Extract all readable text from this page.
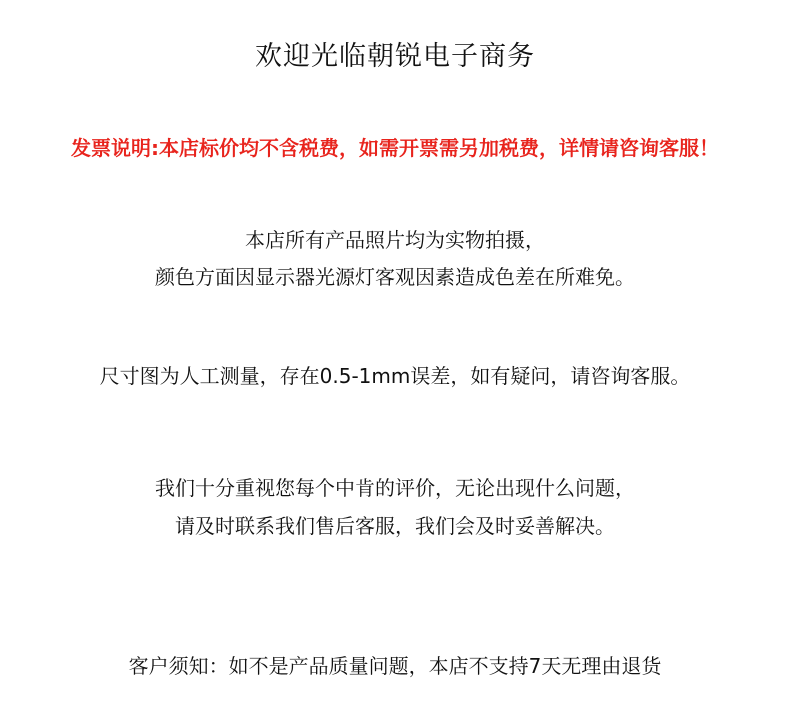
欢迎光临朝锐电子商务
发票说明:本店标价均不含税费，如需开票需另加税费，详情请咨询客服！
本店所有产品照片均为实物拍摄，
颜色方面因显示器光源灯客观因素造成色差在所难免。
尺寸图为人工测量，存在0.5-1mm误差，如有疑问，请咨询客服。
我们十分重视您每个中肯的评价，无论出现什么问题，
请及时联系我们售后客服，我们会及时妥善解决。
客户须知：如不是产品质量问题，本店不支持7天无理由退货
